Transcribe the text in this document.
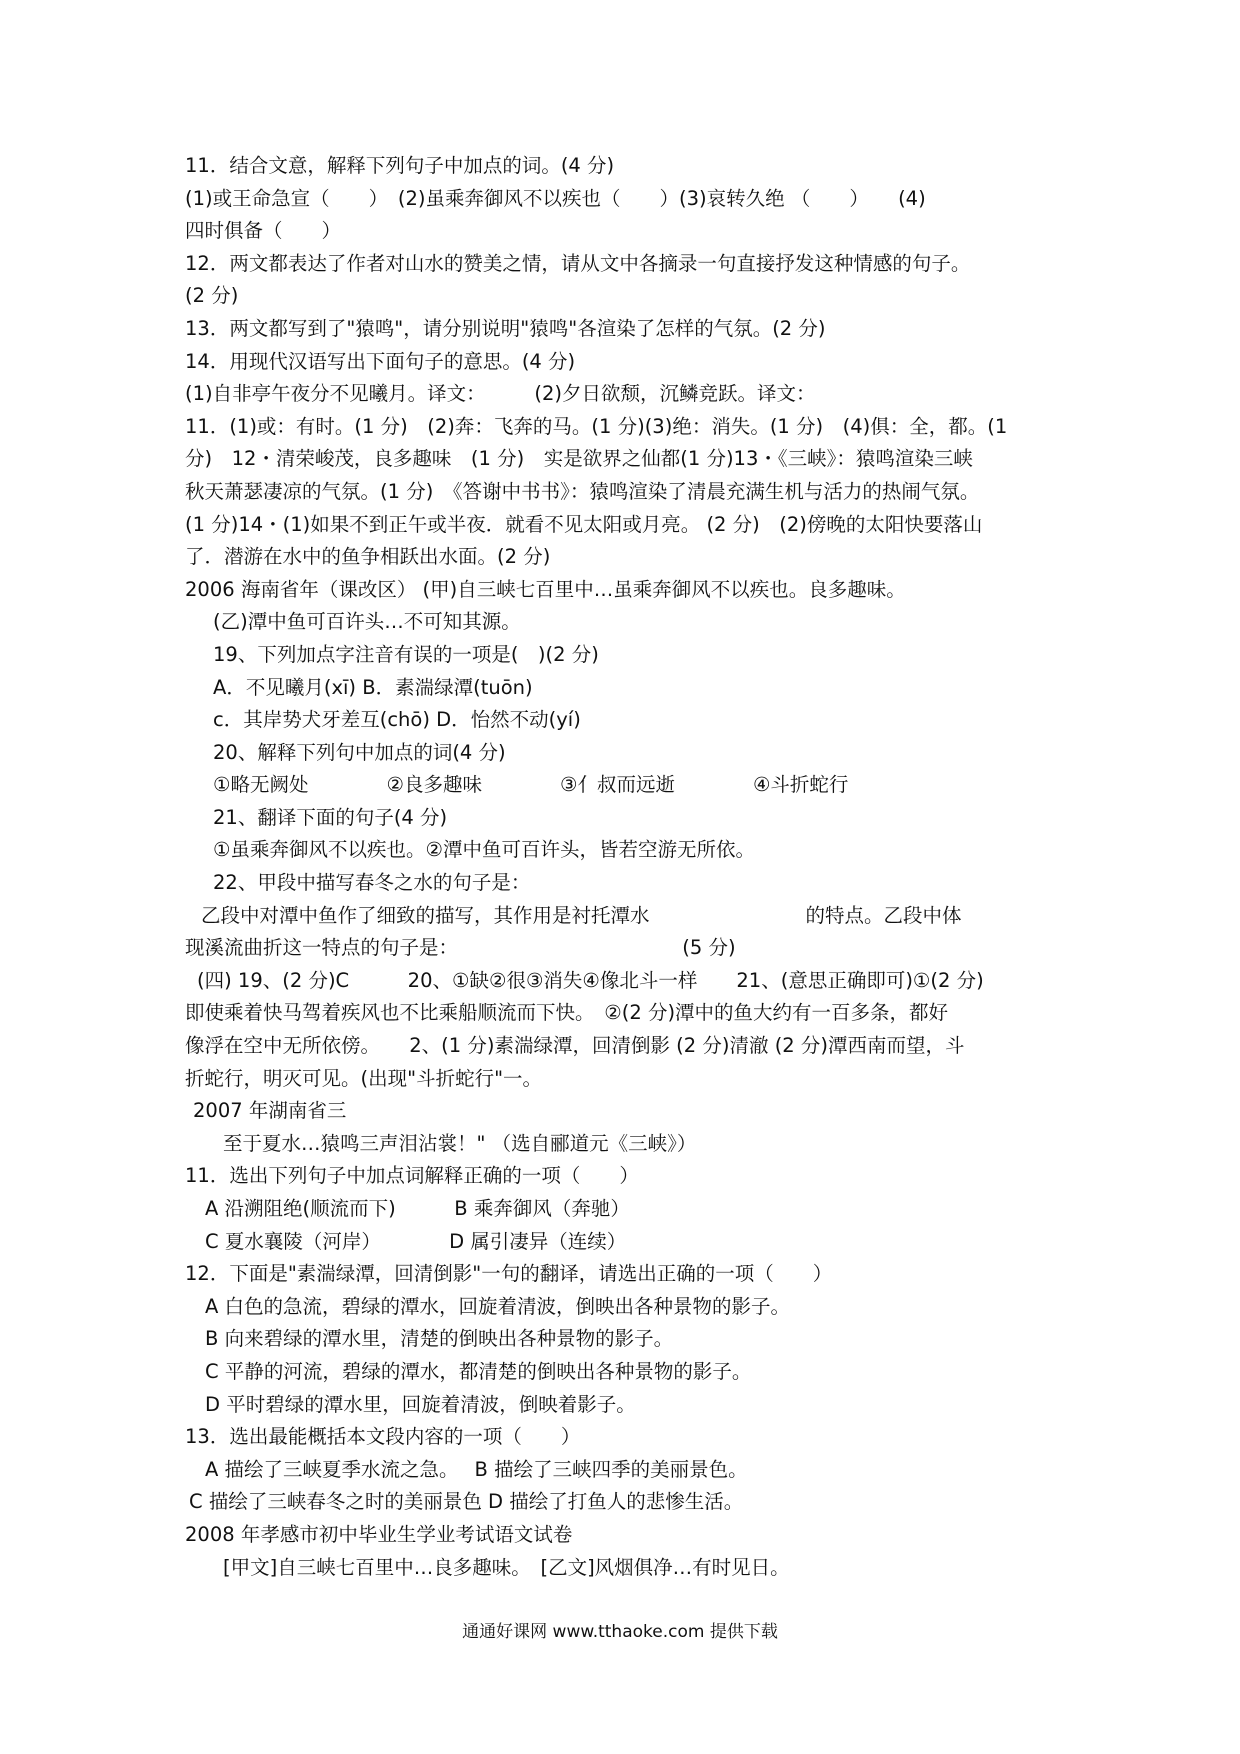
11．结合文意，解释下列句子中加点的词。(4 分)
(1)或王命急宣（　　）　(2)虽乘奔御风不以疾也（　　）(3)哀转久绝 （　　）　　(4)
四时俱备（　　）
12．两文都表达了作者对山水的赞美之情，请从文中各摘录一句直接抒发这种情感的句子。
(2 分)
13．两文都写到了"猿鸣"，请分别说明"猿鸣"各渲染了怎样的气氛。(2 分)
14．用现代汉语写出下面句子的意思。(4 分)
(1)自非亭午夜分不见曦月。译文：　　　(2)夕日欲颓，沉鳞竞跃。译文：
11．(1)或：有时。(1 分)　(2)奔：飞奔的马。(1 分)(3)绝：消失。(1 分)　(4)俱：全，都。(1
分)　12・清荣峻茂，良多趣味　(1 分)　实是欲界之仙都(1 分)13・《三峡》：猿鸣渲染三峡
秋天萧瑟凄凉的气氛。(1 分)　《答谢中书书》：猿鸣渲染了清晨充满生机与活力的热闹气氛。
(1 分)14・(1)如果不到正午或半夜．就看不见太阳或月亮。 (2 分)　(2)傍晚的太阳快要落山
了．潜游在水中的鱼争相跃出水面。(2 分)
2006 海南省年（课改区） (甲)自三峡七百里中…虽乘奔御风不以疾也。良多趣味。
(乙)潭中鱼可百许头…不可知其源。
19、下列加点字注音有误的一项是(　)(2 分)
A．不见曦月(xī) B．素湍绿潭(tuōn)
c．其岸势犬牙差互(chō) D．怡然不动(yí)
20、解释下列句中加点的词(4 分)
①略无阙处　　　　②良多趣味　　　　③亻叔而远逝　　　　④斗折蛇行
21、翻译下面的句子(4 分)
①虽乘奔御风不以疾也。②潭中鱼可百许头，皆若空游无所依。
22、甲段中描写春冬之水的句子是：
乙段中对潭中鱼作了细致的描写，其作用是衬托潭水　　　　　　　　的特点。乙段中体
现溪流曲折这一特点的句子是：　　　　　　　　　　　　(5 分)
(四) 19、(2 分)C　　　20、①缺②很③消失④像北斗一样　　21、(意思正确即可)①(2 分)
即使乘着快马驾着疾风也不比乘船顺流而下快。　②(2 分)潭中的鱼大约有一百多条，都好
像浮在空中无所依傍。　　2、(1 分)素湍绿潭，回清倒影 (2 分)清澈 (2 分)潭西南而望，斗
折蛇行，明灭可见。(出现"斗折蛇行"一。
2007 年湖南省三
至于夏水…猿鸣三声泪沾裳！" （选自郦道元《三峡》）
11．选出下列句子中加点词解释正确的一项（　　）
A 沿溯阻绝(顺流而下)　　　B 乘奔御风（奔驰）
C 夏水襄陵（河岸）　　　　D 属引凄异（连续）
12．下面是"素湍绿潭，回清倒影"一句的翻译，请选出正确的一项（　　）
A 白色的急流，碧绿的潭水，回旋着清波，倒映出各种景物的影子。
B 向来碧绿的潭水里，清楚的倒映出各种景物的影子。
C 平静的河流，碧绿的潭水，都清楚的倒映出各种景物的影子。
D 平时碧绿的潭水里，回旋着清波，倒映着影子。
13．选出最能概括本文段内容的一项（　　）
A 描绘了三峡夏季水流之急。　 B 描绘了三峡四季的美丽景色。
C 描绘了三峡春冬之时的美丽景色 D 描绘了打鱼人的悲惨生活。
2008 年孝感市初中毕业生学业考试语文试卷
[甲文]自三峡七百里中…良多趣味。　[乙文]风烟俱净…有时见日。
通通好课网 www.tthaoke.com 提供下载
